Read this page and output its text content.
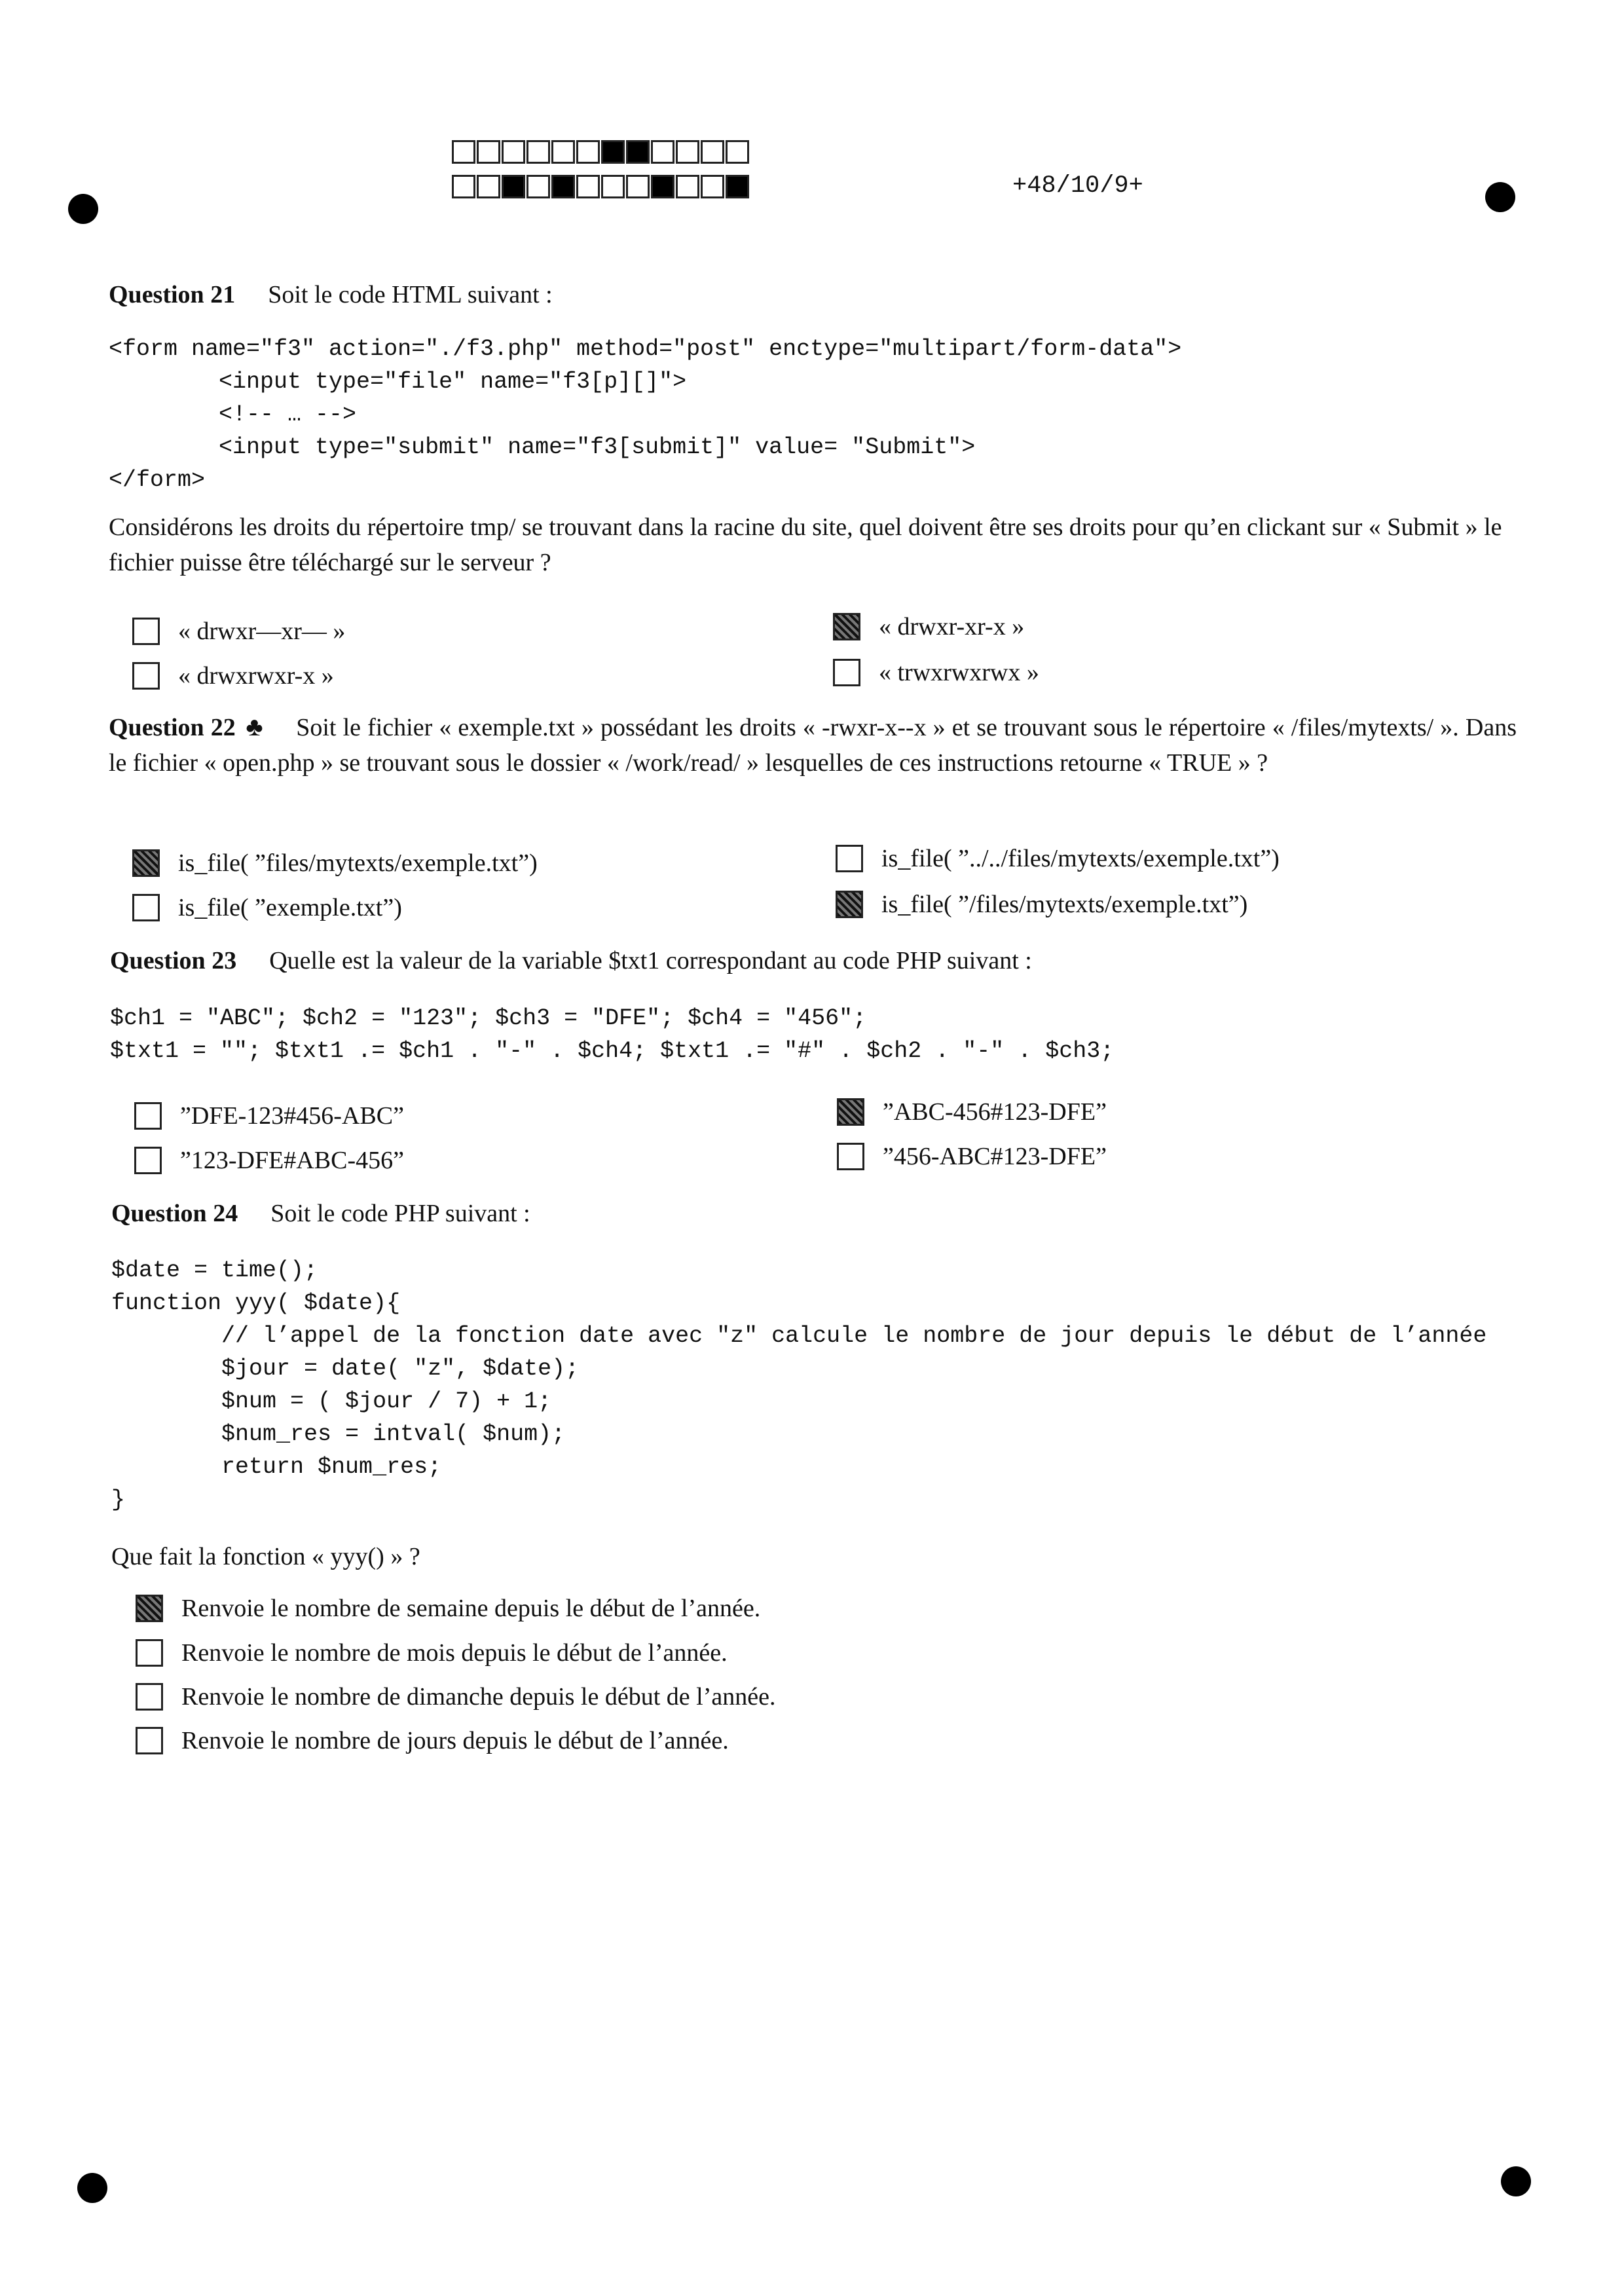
+48/10/9+
Question 21 Soit le code HTML suivant :
<form name="f3" action="./f3.php" method="post" enctype="multipart/form-data">
<input type="file" name="f3[p][]">
<!-- … -->
<input type="submit" name="f3[submit]" value= "Submit">
</form>
Considérons les droits du répertoire tmp/ se trouvant dans la racine du site, quel doivent être ses droits pour qu’en clickant sur « Submit » le fichier puisse être téléchargé sur le serveur ?
« drwxr—xr— »	« drwxr-xr-x »
« drwxrwxr-x »	« trwxrwxrwx »
Question 22 ♣ Soit le fichier « exemple.txt » possédant les droits « -rwxr-x--x » et se trouvant sous le répertoire « /files/mytexts/ ». Dans le fichier « open.php » se trouvant sous le dossier « /work/read/ » lesquelles de ces instructions retourne « TRUE » ?
is_file( ”files/mytexts/exemple.txt”)	is_file( ”../../files/mytexts/exemple.txt”)
is_file( ”exemple.txt”)	is_file( ”/files/mytexts/exemple.txt”)
Question 23 Quelle est la valeur de la variable $txt1 correspondant au code PHP suivant :
$ch1 = "ABC"; $ch2 = "123"; $ch3 = "DFE"; $ch4 = "456";
$txt1 = ""; $txt1 .= $ch1 . "-" . $ch4; $txt1 .= "#" . $ch2 . "-" . $ch3;
”DFE-123#456-ABC”	”ABC-456#123-DFE”
”123-DFE#ABC-456”	”456-ABC#123-DFE”
Question 24 Soit le code PHP suivant :
$date = time();
function yyy( $date){
// l’appel de la fonction date avec "z" calcule le nombre de jour depuis le début de l’année
$jour = date( "z", $date);
$num = ( $jour / 7) + 1;
$num_res = intval( $num);
return $num_res;
}
Que fait la fonction « yyy() » ?
Renvoie le nombre de semaine depuis le début de l’année.
Renvoie le nombre de mois depuis le début de l’année.
Renvoie le nombre de dimanche depuis le début de l’année.
Renvoie le nombre de jours depuis le début de l’année.
